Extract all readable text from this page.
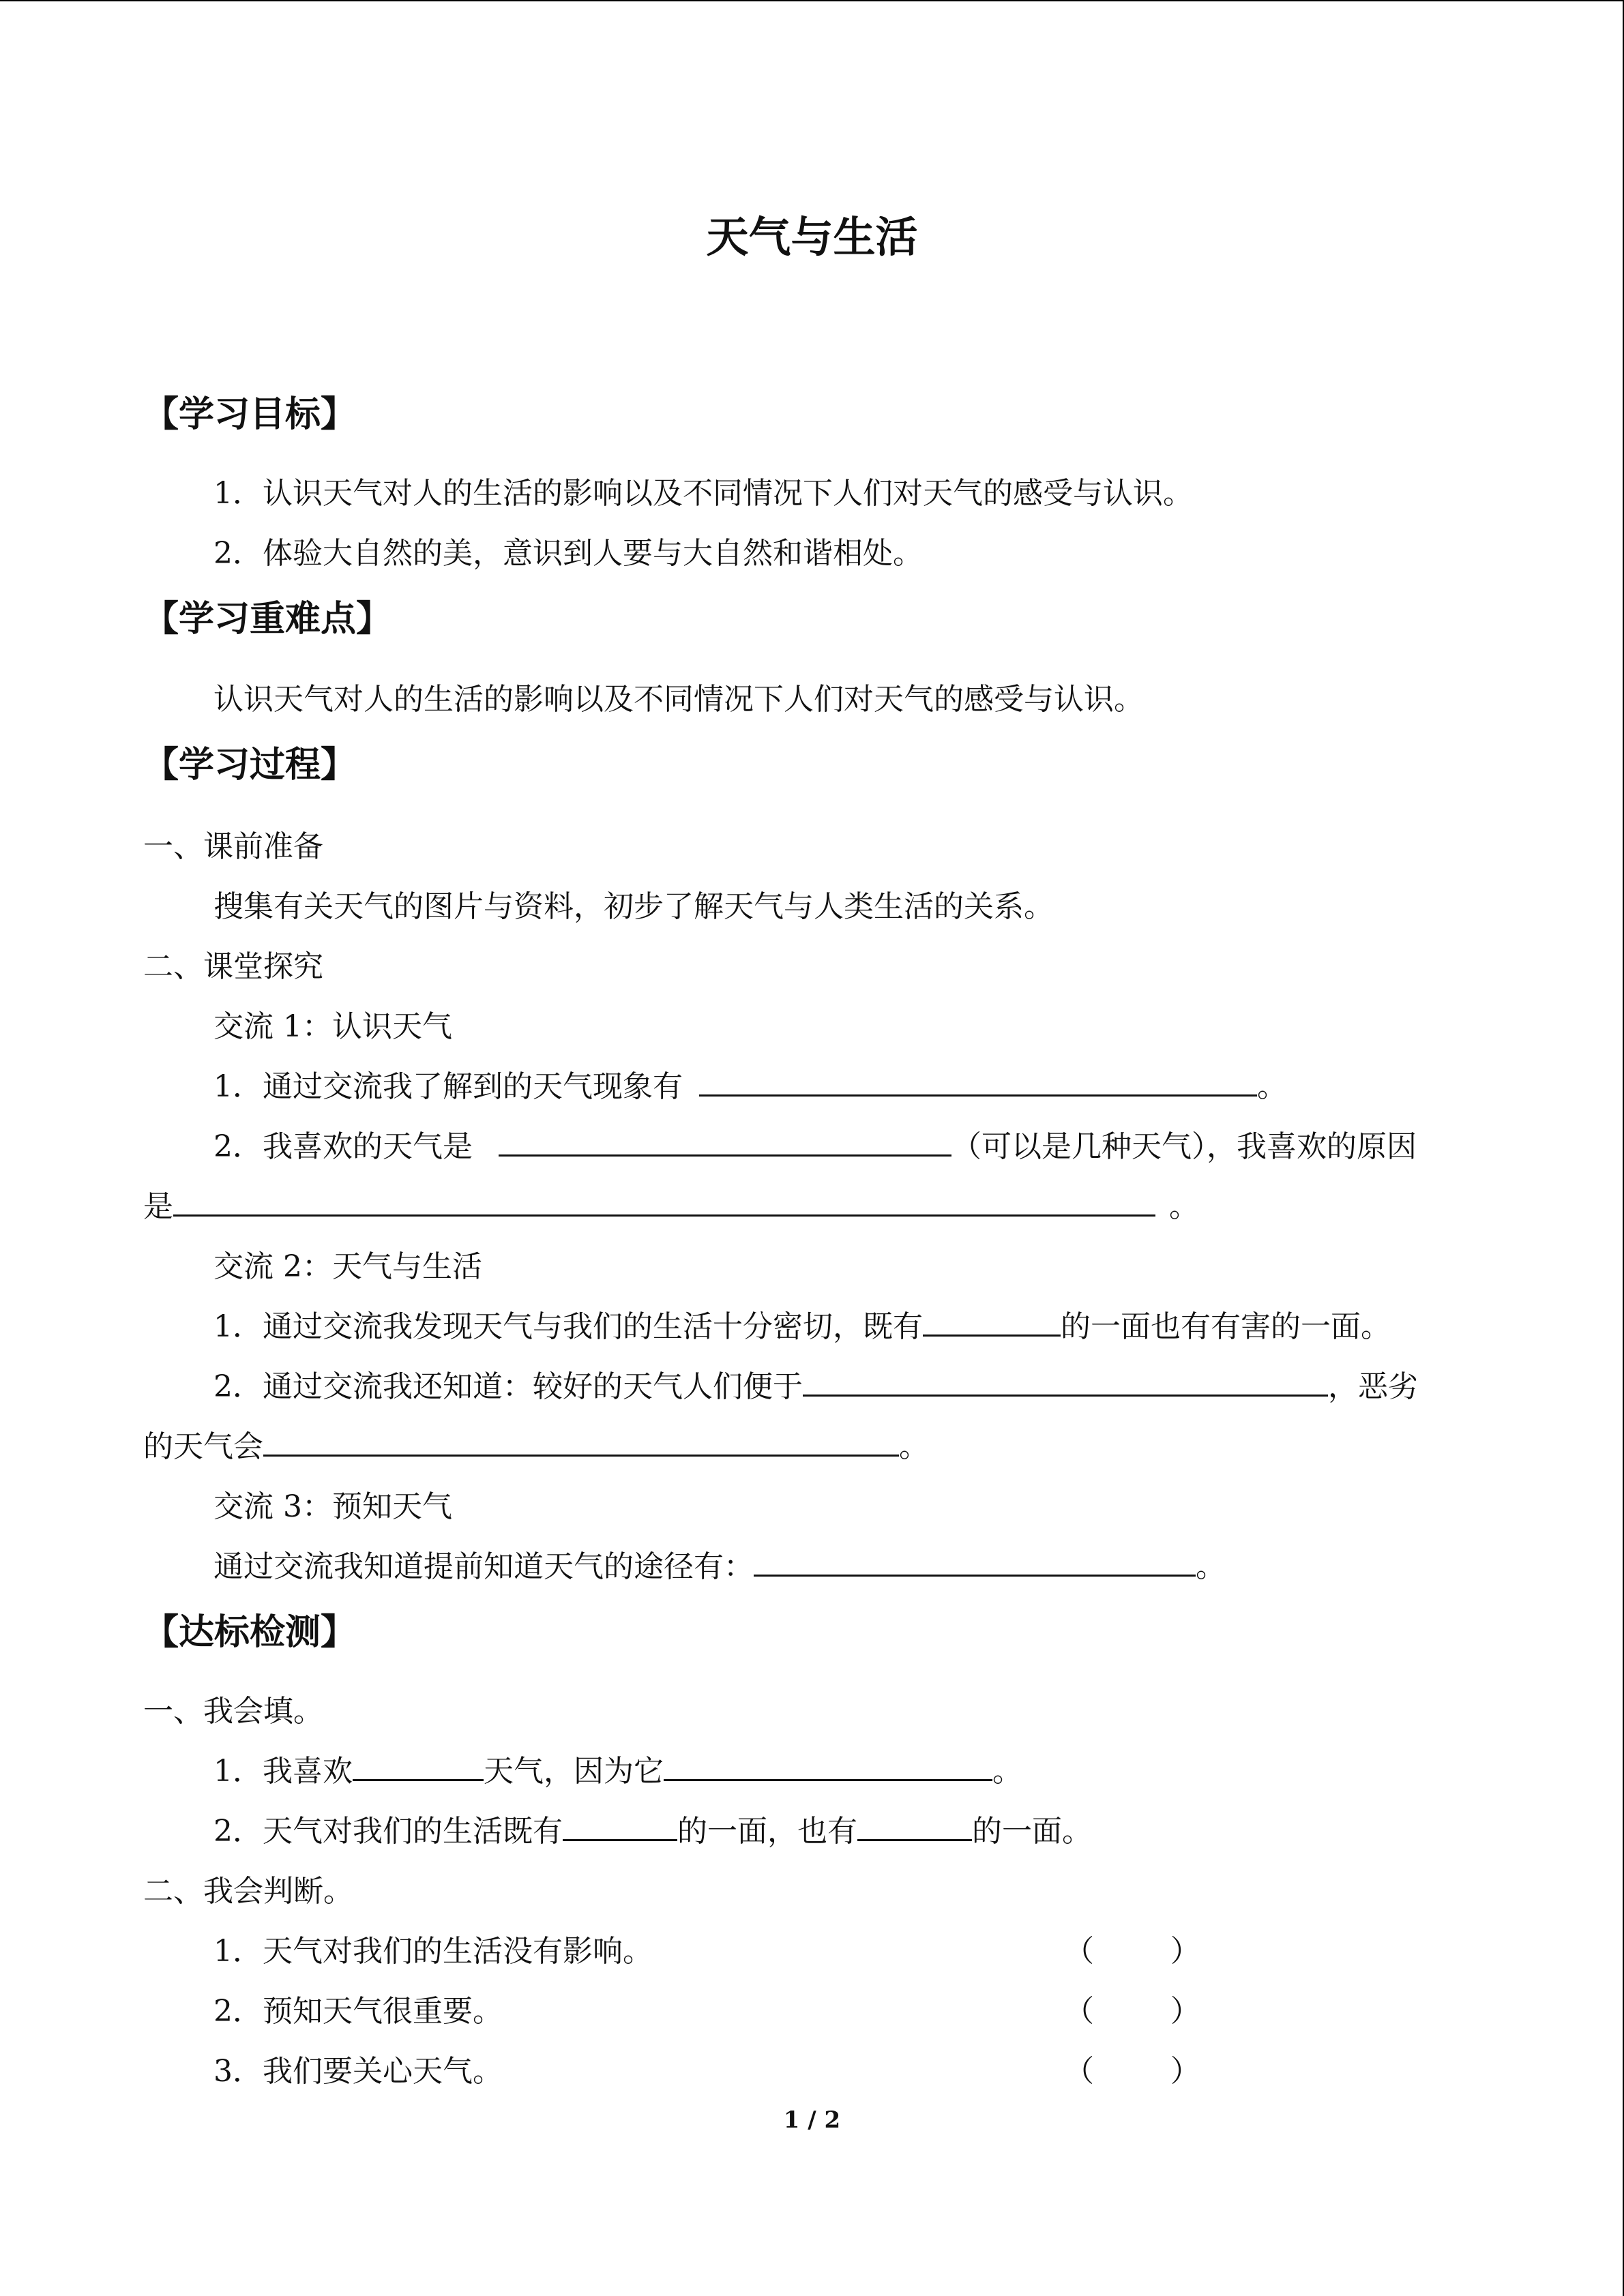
天气与生活
【学习目标】
1．认识天气对人的生活的影响以及不同情况下人们对天气的感受与认识。
2．体验大自然的美，意识到人要与大自然和谐相处。
【学习重难点】
认识天气对人的生活的影响以及不同情况下人们对天气的感受与认识。
【学习过程】
一、课前准备
搜集有关天气的图片与资料，初步了解天气与人类生活的关系。
二、课堂探究
交流 1：认识天气
1．通过交流我了解到的天气现象有	。
2．我喜欢的天气是	（可以是几种天气），我喜欢的原因
是	。
交流 2：天气与生活
1．通过交流我发现天气与我们的生活十分密切，既有	的一面也有有害的一面。
2．通过交流我还知道：较好的天气人们便于	，恶劣
的天气会	。
交流 3：预知天气
通过交流我知道提前知道天气的途径有：	。
【达标检测】
一、我会填。
1．我喜欢	天气，因为它	。
2．天气对我们的生活既有	的一面，也有	的一面。
二、我会判断。
1．天气对我们的生活没有影响。	（        ）
2．预知天气很重要。	（        ）
3．我们要关心天气。	（        ）
1 / 2
